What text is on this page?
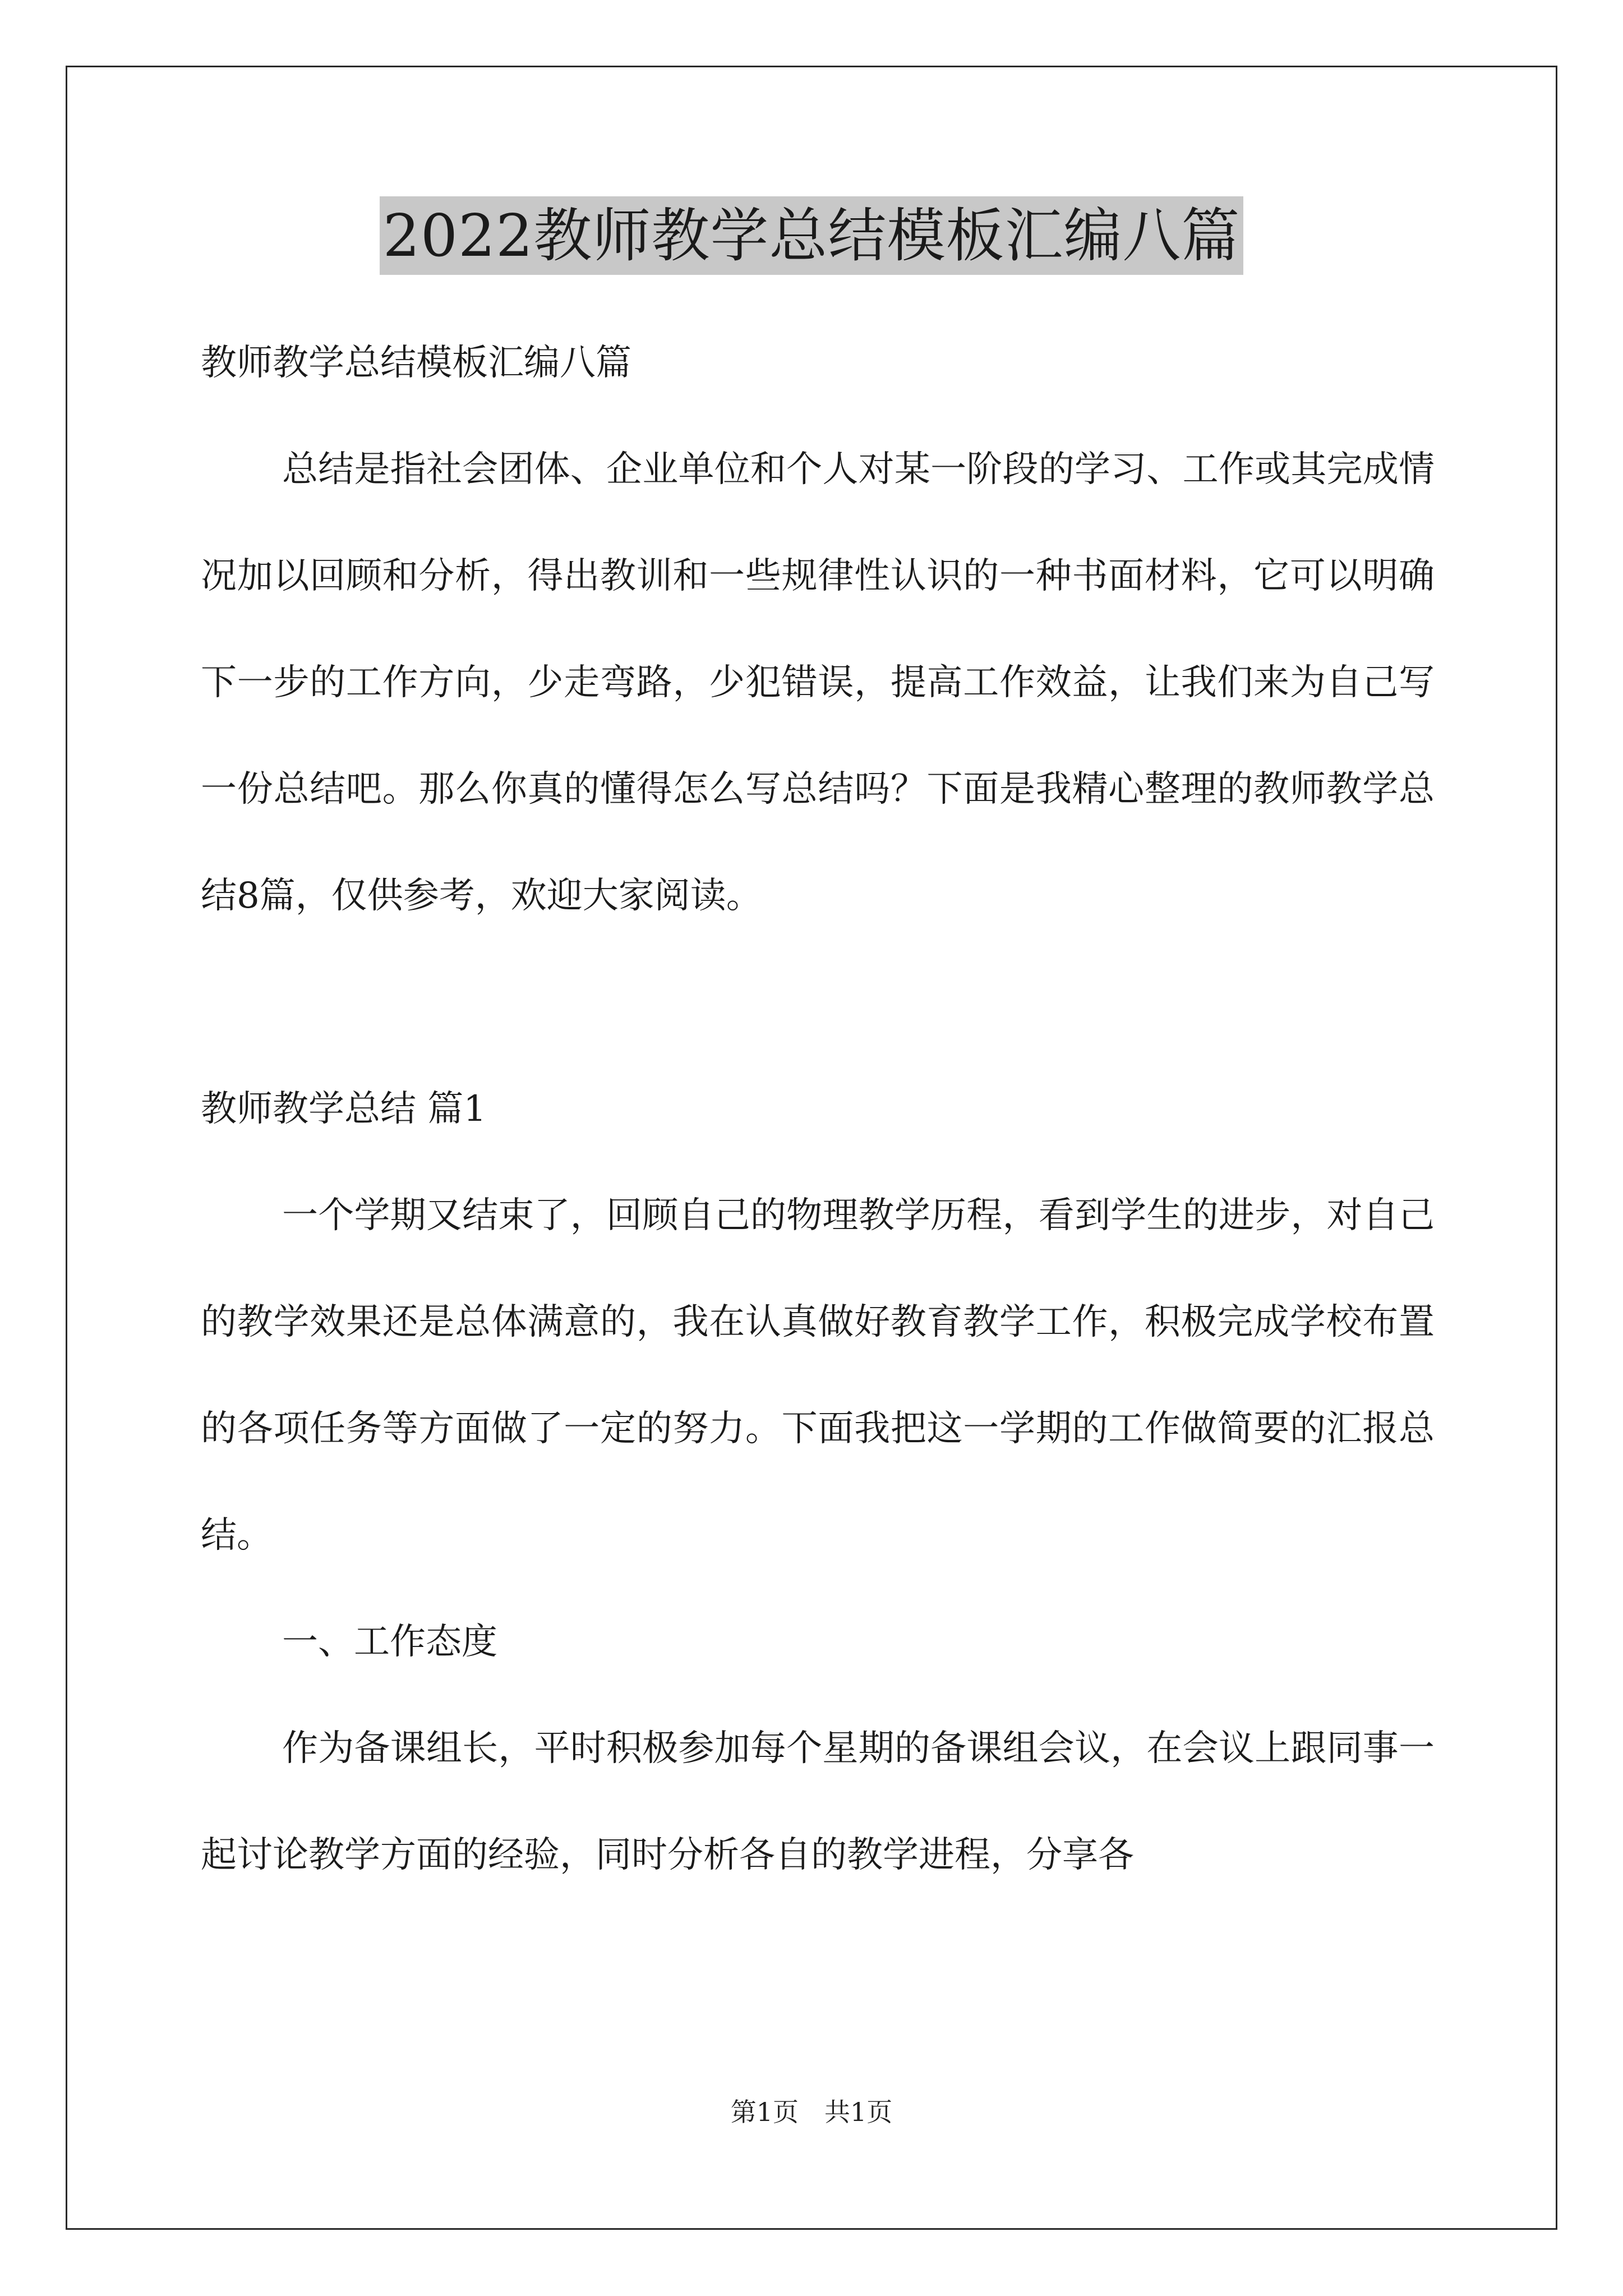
2022教师教学总结模板汇编八篇

教师教学总结模板汇编八篇

总结是指社会团体、企业单位和个人对某一阶段的学习、工作或其完成情况加以回顾和分析，得出教训和一些规律性认识的一种书面材料，它可以明确下一步的工作方向，少走弯路，少犯错误，提高工作效益，让我们来为自己写一份总结吧。那么你真的懂得怎么写总结吗？下面是我精心整理的教师教学总结8篇，仅供参考，欢迎大家阅读。

教师教学总结 篇1

一个学期又结束了，回顾自己的物理教学历程，看到学生的进步，对自己的教学效果还是总体满意的，我在认真做好教育教学工作，积极完成学校布置的各项任务等方面做了一定的努力。下面我把这一学期的工作做简要的汇报总结。

一、工作态度

作为备课组长，平时积极参加每个星期的备课组会议，在会议上跟同事一起讨论教学方面的经验，同时分析各自的教学进程，分享各

第1页　共1页
